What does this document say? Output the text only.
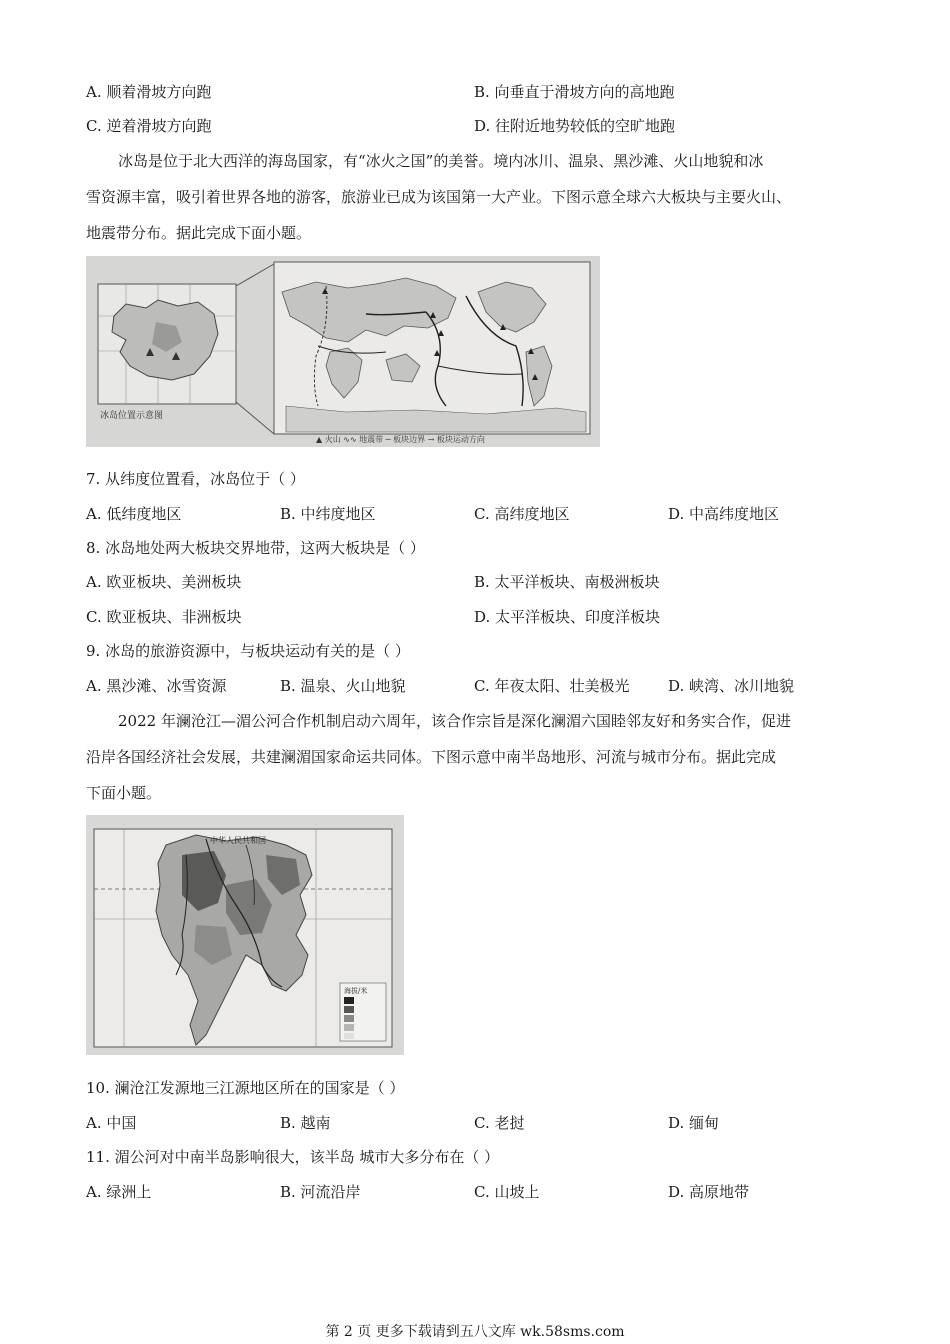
A. 顺着滑坡方向跑	B. 向垂直于滑坡方向的高地跑
C. 逆着滑坡方向跑	D. 往附近地势较低的空旷地跑
冰岛是位于北大西洋的海岛国家，有“冰火之国”的美誉。境内冰川、温泉、黑沙滩、火山地貌和冰
雪资源丰富，吸引着世界各地的游客，旅游业已成为该国第一大产业。下图示意全球六大板块与主要火山、
地震带分布。据此完成下面小题。
冰岛位置示意图
▲ 火山 ∿∿ 地震带 ─ 板块边界 → 板块运动方向
7. 从纬度位置看，冰岛位于（ ）
A. 低纬度地区	B. 中纬度地区	C. 高纬度地区	D. 中高纬度地区
8. 冰岛地处两大板块交界地带，这两大板块是（ ）
A. 欧亚板块、美洲板块	B. 太平洋板块、南极洲板块
C. 欧亚板块、非洲板块	D. 太平洋板块、印度洋板块
9. 冰岛的旅游资源中，与板块运动有关的是（ ）
A. 黑沙滩、冰雪资源	B. 温泉、火山地貌	C. 年夜太阳、壮美极光	D. 峡湾、冰川地貌
2022 年澜沧江—湄公河合作机制启动六周年，该合作宗旨是深化澜湄六国睦邻友好和务实合作，促进
沿岸各国经济社会发展，共建澜湄国家命运共同体。下图示意中南半岛地形、河流与城市分布。据此完成
下面小题。
中华人民共和国
海拔/米
10. 澜沧江发源地三江源地区所在的国家是（ ）
A. 中国	B. 越南	C. 老挝	D. 缅甸
11. 湄公河对中南半岛影响很大，该半岛 城市大多分布在（ ）
A. 绿洲上	B. 河流沿岸	C. 山坡上	D. 高原地带
第 2 页 更多下载请到五八文库 wk.58sms.com
